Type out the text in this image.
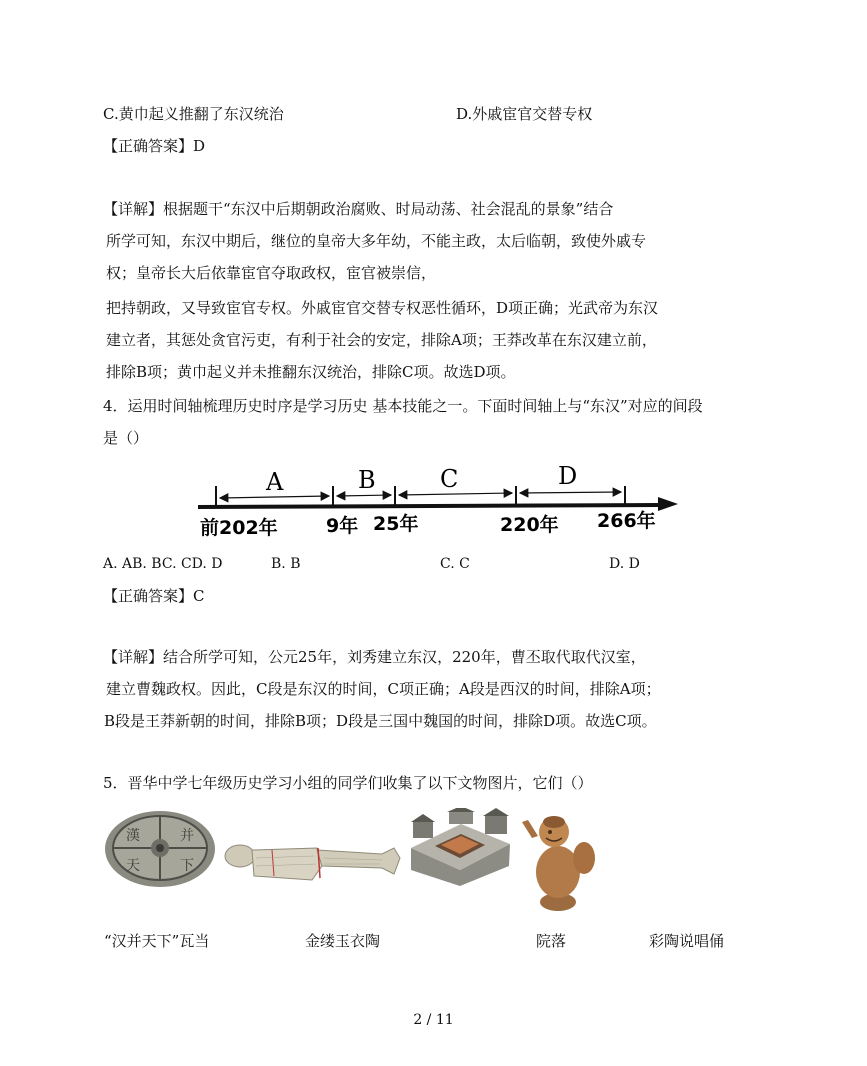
C.黄巾起义推翻了东汉统治	D.外戚宦官交替专权
【正确答案】D
【详解】根据题干“东汉中后期朝政治腐败、时局动荡、社会混乱的景象”结合
所学可知，东汉中期后，继位的皇帝大多年幼，不能主政，太后临朝，致使外戚专
权；皇帝长大后依靠宦官夺取政权，宦官被崇信，
把持朝政，又导致宦官专权。外戚宦官交替专权恶性循环，D项正确；光武帝为东汉
建立者，其惩处贪官污吏，有利于社会的安定，排除A项；王莽改革在东汉建立前，
排除B项；黄巾起义并未推翻东汉统治，排除C项。故选D项。
4．运用时间轴梳理历史时序是学习历史 基本技能之一。下面时间轴上与“东汉”对应的间段
是（）
A	B	C	D
前202年	9年 25年	220年 266年
A. AB. BC. CD. D	B. B	C. C	D. D
【正确答案】C
【详解】结合所学可知，公元25年，刘秀建立东汉，220年，曹丕取代取代汉室，
建立曹魏政权。因此，C段是东汉的时间，C项正确；A段是西汉的时间，排除A项；
B段是王莽新朝的时间，排除B项；D段是三国中魏国的时间，排除D项。故选C项。
5．晋华中学七年级历史学习小组的同学们收集了以下文物图片，它们（）
漢	并
天	下
“汉并天下”瓦当	金缕玉衣陶	院落	彩陶说唱俑
2 / 11
